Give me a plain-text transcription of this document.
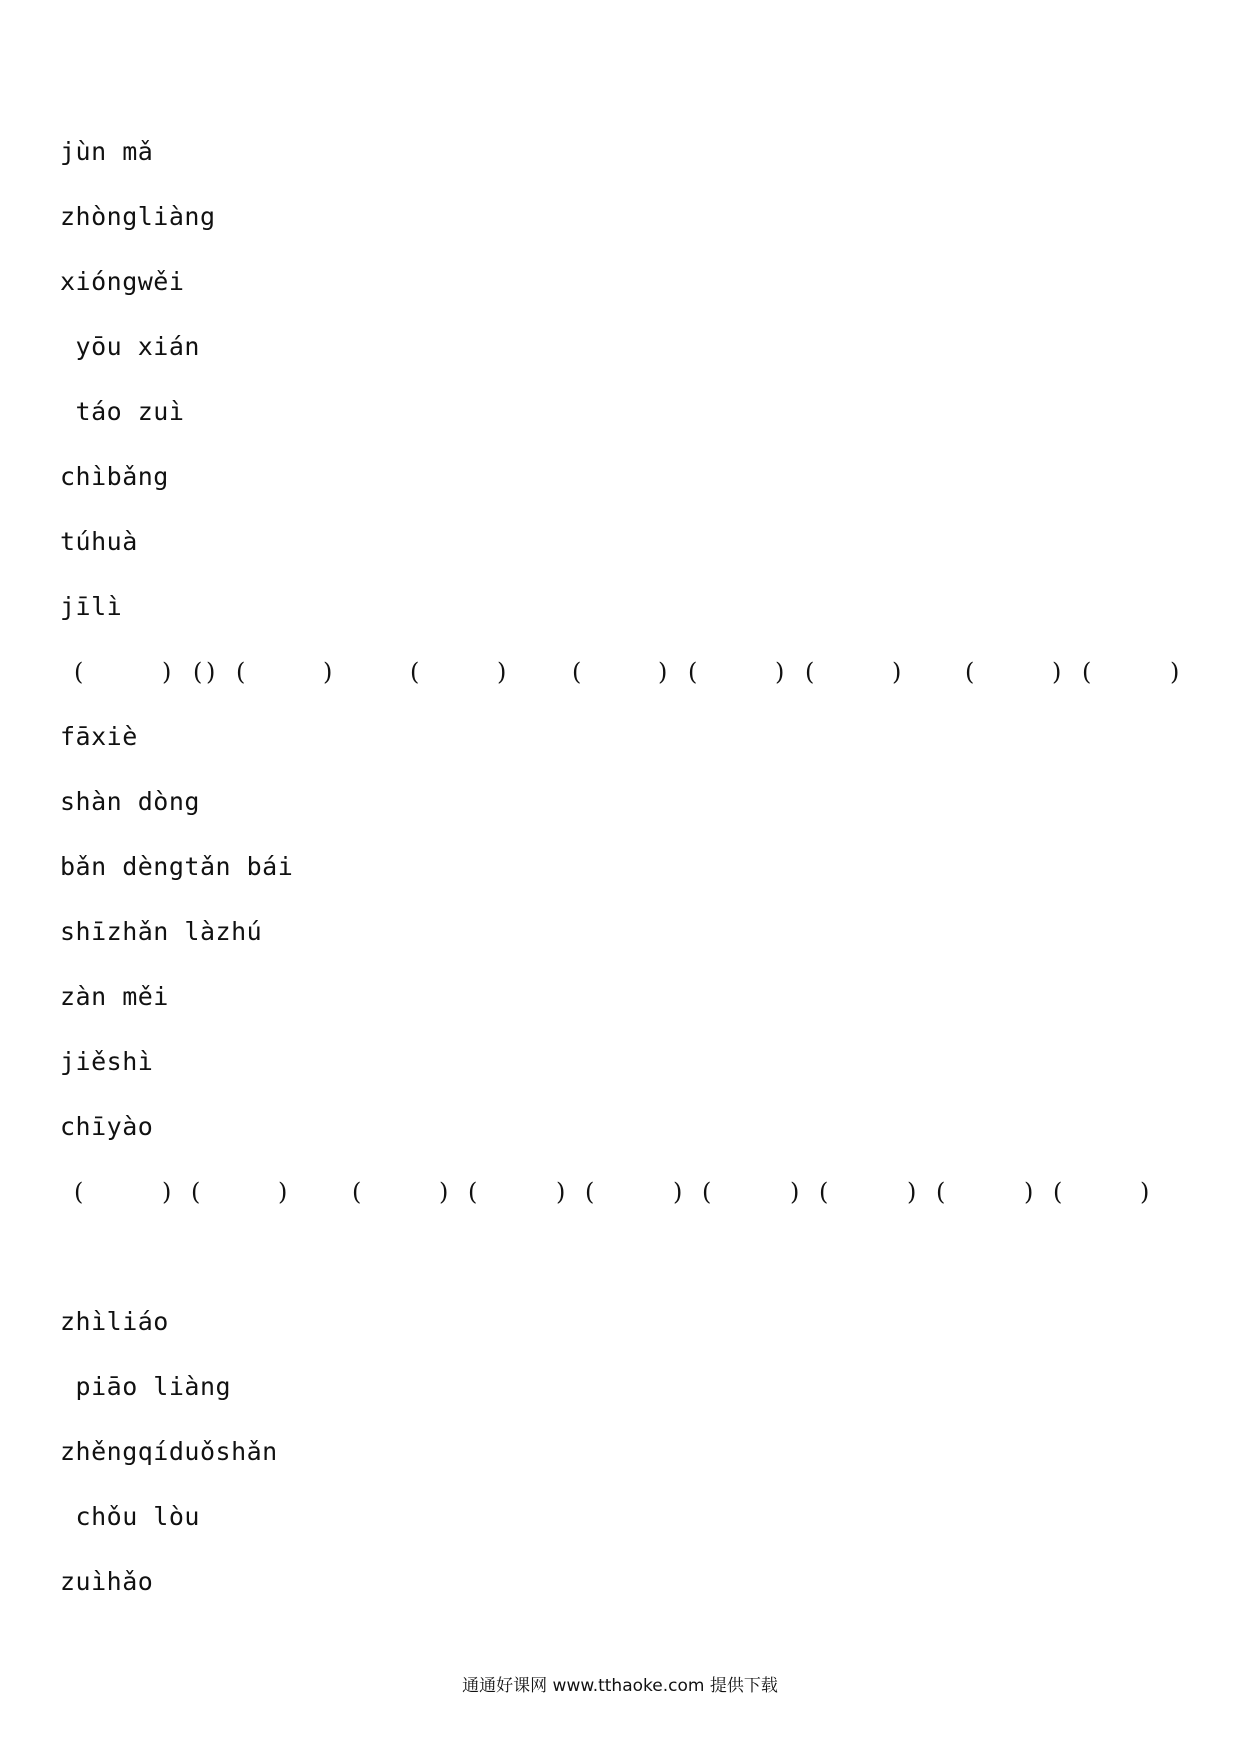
jùn mǎ
zhòngliàng
xióngwěi
yōu xián
táo zuì
chìbǎng
túhuà
jīlì
(	) ( ) (	)	(	)	(	) (	) (	)	(	) (	)
fāxiè
shàn dòng
bǎn dèngtǎn bái
shīzhǎn làzhú
zàn měi
jiěshì
chīyào
(	) (	)	(	) (	) (	) (	) (	) (	) (	)
zhìliáo
piāo liàng
zhěngqíduǒshǎn
chǒu lòu
zuìhǎo
通通好课网 www.tthaoke.com 提供下载
